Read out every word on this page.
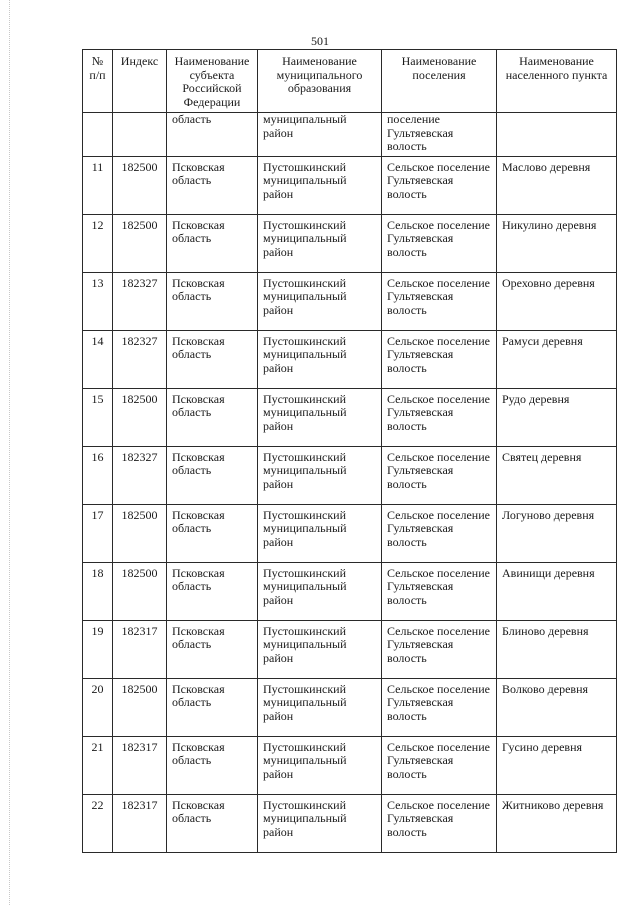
501
№ п/п	Индекс	Наименование субъекта Российской Федерации	Наименование муниципального образования	Наименование поселения	Наименование населенного пункта
		область	муниципальный район	поселение Гультяевская волость	
11	182500	Псковская область	Пустошкинский муниципальный район	Сельское поселение Гультяевская волость	Маслово деревня
12	182500	Псковская область	Пустошкинский муниципальный район	Сельское поселение Гультяевская волость	Никулино деревня
13	182327	Псковская область	Пустошкинский муниципальный район	Сельское поселение Гультяевская волость	Ореховно деревня
14	182327	Псковская область	Пустошкинский муниципальный район	Сельское поселение Гультяевская волость	Рамуси деревня
15	182500	Псковская область	Пустошкинский муниципальный район	Сельское поселение Гультяевская волость	Рудо деревня
16	182327	Псковская область	Пустошкинский муниципальный район	Сельское поселение Гультяевская волость	Святец деревня
17	182500	Псковская область	Пустошкинский муниципальный район	Сельское поселение Гультяевская волость	Логуново деревня
18	182500	Псковская область	Пустошкинский муниципальный район	Сельское поселение Гультяевская волость	Авинищи деревня
19	182317	Псковская область	Пустошкинский муниципальный район	Сельское поселение Гультяевская волость	Блиново деревня
20	182500	Псковская область	Пустошкинский муниципальный район	Сельское поселение Гультяевская волость	Волково деревня
21	182317	Псковская область	Пустошкинский муниципальный район	Сельское поселение Гультяевская волость	Гусино деревня
22	182317	Псковская область	Пустошкинский муниципальный район	Сельское поселение Гультяевская волость	Житниково деревня
